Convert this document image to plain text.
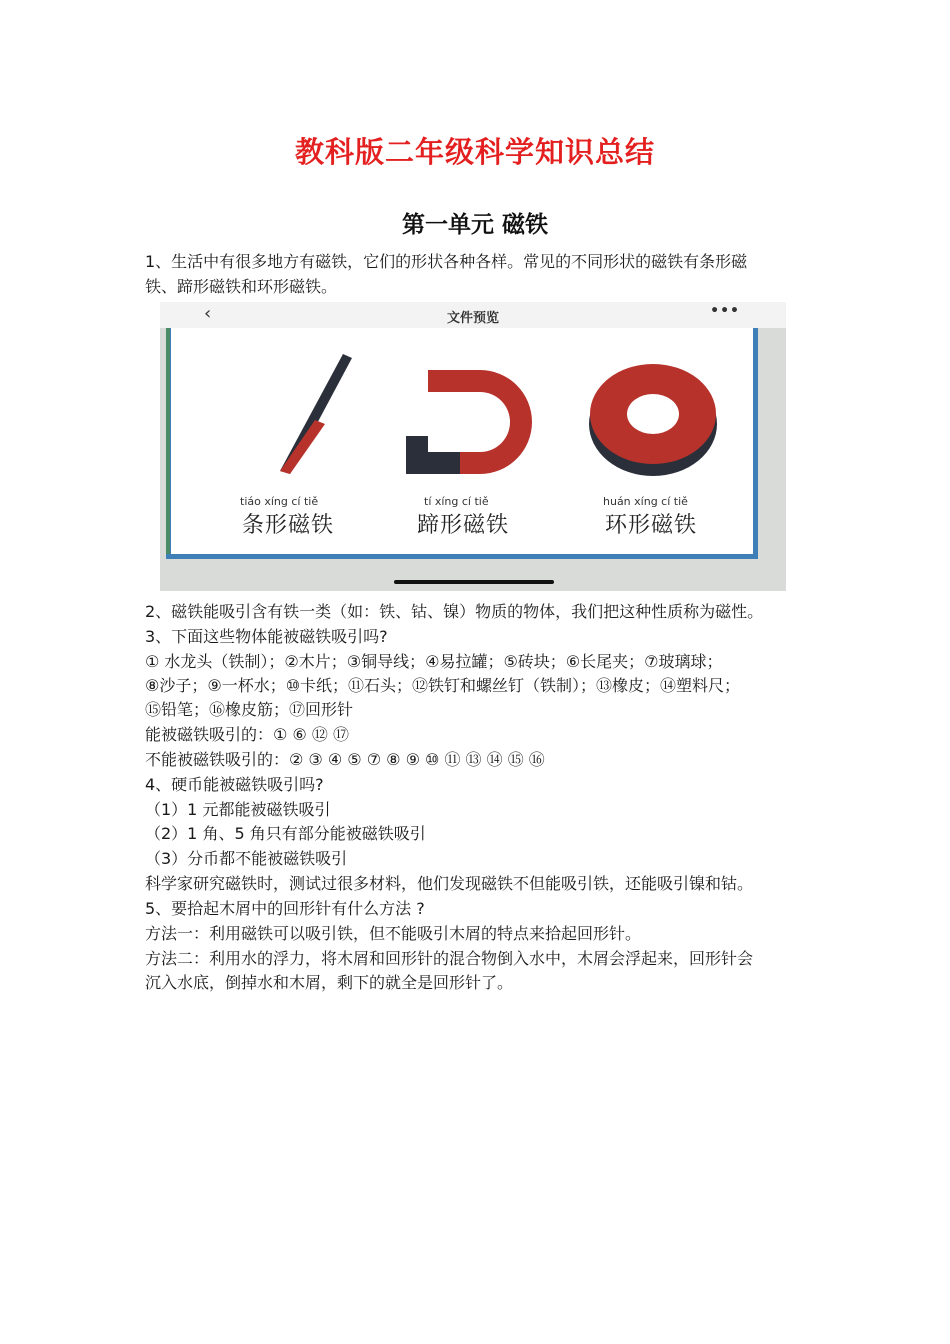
教科版二年级科学知识总结
第一单元 磁铁

1、生活中有很多地方有磁铁，它们的形状各种各样。常见的不同形状的磁铁有条形磁

铁、蹄形磁铁和环形磁铁。

‹	文件预览	•••
tiáo xíng cí tiě
条形磁铁
tí xíng cí tiě
蹄形磁铁
huán xíng cí tiě
环形磁铁

2、磁铁能吸引含有铁一类（如：铁、钴、镍）物质的物体，我们把这种性质称为磁性。

3、下面这些物体能被磁铁吸引吗?

① 水龙头（铁制）；②木片；③铜导线；④易拉罐；⑤砖块；⑥长尾夹；⑦玻璃球；

⑧沙子；⑨一杯水；⑩卡纸；⑪石头；⑫铁钉和螺丝钉（铁制）；⑬橡皮；⑭塑料尺；

⑮铅笔；⑯橡皮筋；⑰回形针

能被磁铁吸引的：① ⑥ ⑫ ⑰

不能被磁铁吸引的：② ③ ④ ⑤ ⑦ ⑧ ⑨ ⑩ ⑪ ⑬ ⑭ ⑮ ⑯

4、硬币能被磁铁吸引吗?

（1）1 元都能被磁铁吸引

（2）1 角、5 角只有部分能被磁铁吸引

（3）分币都不能被磁铁吸引

科学家研究磁铁时，测试过很多材料，他们发现磁铁不但能吸引铁，还能吸引镍和钴。

5、要拾起木屑中的回形针有什么方法 ?

方法一：利用磁铁可以吸引铁，但不能吸引木屑的特点来拾起回形针。

方法二：利用水的浮力，将木屑和回形针的混合物倒入水中，木屑会浮起来，回形针会

沉入水底，倒掉水和木屑，剩下的就全是回形针了。
